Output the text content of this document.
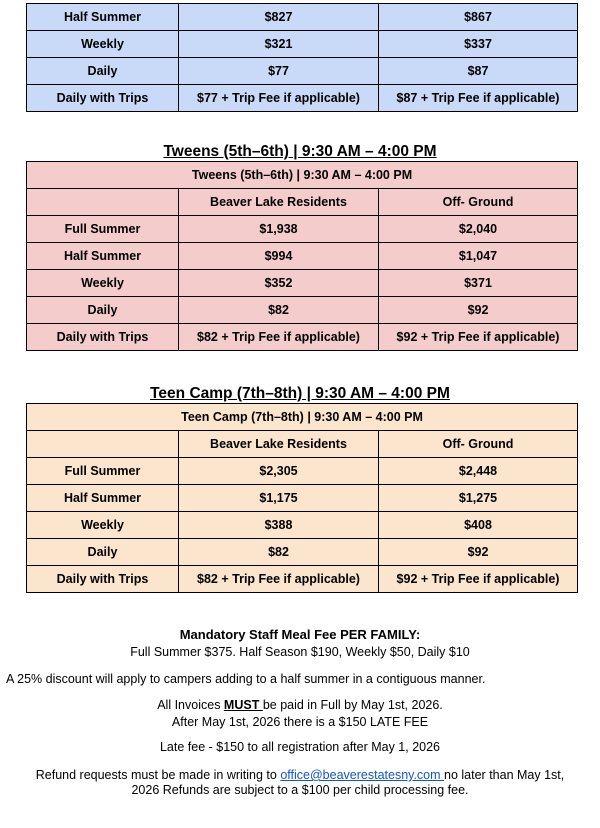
Half Summer	$827	$867
Weekly	$321	$337
Daily	$77	$87
Daily with Trips	$77 + Trip Fee if applicable)	$87 + Trip Fee if applicable)

Tweens (5th–6th) | 9:30 AM – 4:00 PM

Tweens (5th–6th) | 9:30 AM – 4:00 PM		
	Beaver Lake Residents	Off- Ground
Full Summer	$1,938	$2,040
Half Summer	$994	$1,047
Weekly	$352	$371
Daily	$82	$92
Daily with Trips	$82 + Trip Fee if applicable)	$92 + Trip Fee if applicable)

Teen Camp (7th–8th) | 9:30 AM – 4:00 PM

Teen Camp (7th–8th) | 9:30 AM – 4:00 PM		
	Beaver Lake Residents	Off- Ground
Full Summer	$2,305	$2,448
Half Summer	$1,175	$1,275
Weekly	$388	$408
Daily	$82	$92
Daily with Trips	$82 + Trip Fee if applicable)	$92 + Trip Fee if applicable)

Mandatory Staff Meal Fee PER FAMILY:

Full Summer $375. Half Season $190, Weekly $50, Daily $10

A 25% discount will apply to campers adding to a half summer in a contiguous manner.

All Invoices MUST be paid in Full by May 1st, 2026.

After May 1st, 2026 there is a $150 LATE FEE

Late fee - $150 to all registration after May 1, 2026

Refund requests must be made in writing to office@beaverestatesny.com no later than May 1st,

2026 Refunds are subject to a $100 per child processing fee.
